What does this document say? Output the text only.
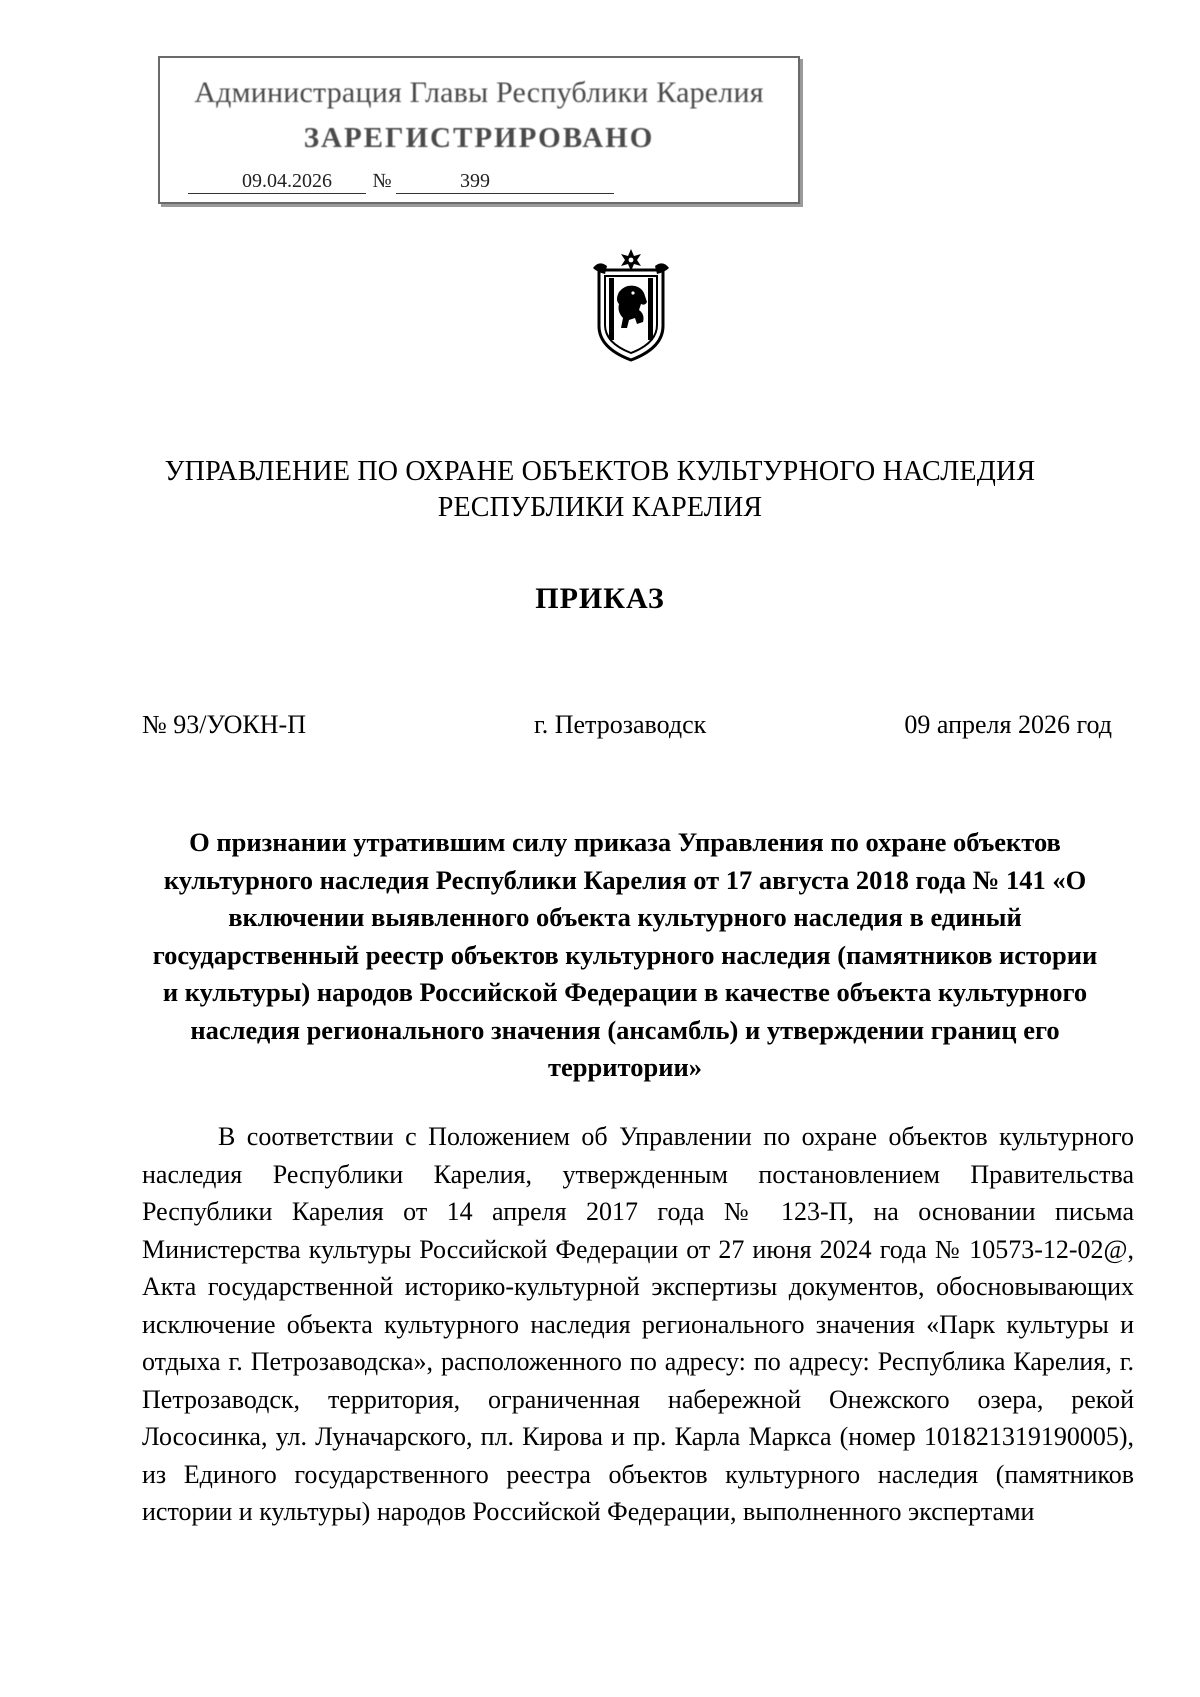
Администрация Главы Республики Карелия
ЗАРЕГИСТРИРОВАНО
09.04.2026	№	399
УПРАВЛЕНИЕ ПО ОХРАНЕ ОБЪЕКТОВ КУЛЬТУРНОГО НАСЛЕДИЯ
РЕСПУБЛИКИ КАРЕЛИЯ
ПРИКАЗ
№ 93/УОКН-П	г. Петрозаводск	09 апреля 2026 год
О признании утратившим силу приказа Управления по охране объектов культурного наследия Республики Карелия от 17 августа 2018 года № 141 «О включении выявленного объекта культурного наследия в единый государственный реестр объектов культурного наследия (памятников истории и культуры) народов Российской Федерации в качестве объекта культурного наследия регионального значения (ансамбль) и утверждении границ его территории»

В соответствии с Положением об Управлении по охране объектов культурного наследия Республики Карелия, утвержденным постановлением Правительства Республики Карелия от 14 апреля 2017 года № 123-П, на основании письма Министерства культуры Российской Федерации от 27 июня 2024 года № 10573-12-02@, Акта государственной историко-культурной экспертизы документов, обосновывающих исключение объекта культурного наследия регионального значения «Парк культуры и отдыха г. Петрозаводска», расположенного по адресу: по адресу: Республика Карелия, г. Петрозаводск, территория, ограниченная набережной Онежского озера, рекой Лососинка, ул. Луначарского, пл. Кирова и пр. Карла Маркса (номер 101821319190005), из Единого государственного реестра объектов культурного наследия (памятников истории и культуры) народов Российской Федерации, выполненного экспертами
